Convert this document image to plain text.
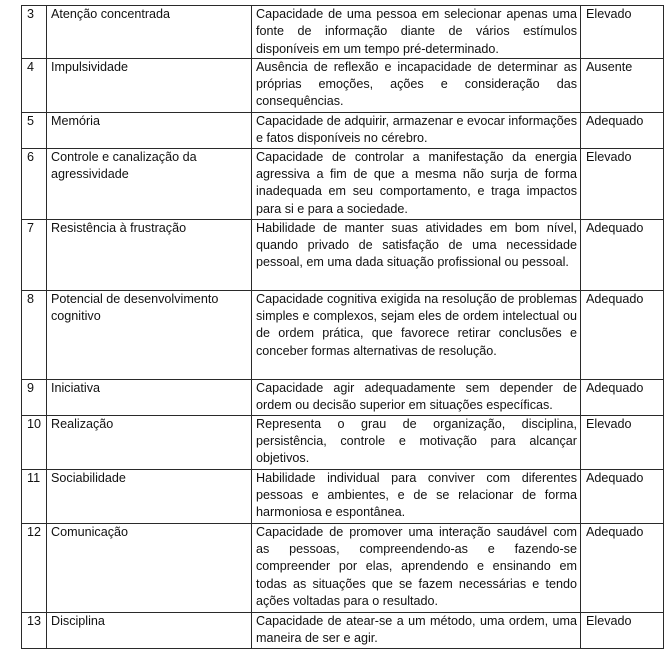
3	Atenção concentrada	Capacidade de uma pessoa em selecionar apenas uma fonte de informação diante de vários estímulos disponíveis em um tempo pré-determinado.	Elevado
4	Impulsividade	Ausência de reflexão e incapacidade de determinar as próprias emoções, ações e consideração das consequências.	Ausente
5	Memória	Capacidade de adquirir, armazenar e evocar informações e fatos disponíveis no cérebro.	Adequado
6	Controle e canalização da agressividade	Capacidade de controlar a manifestação da energia agressiva a fim de que a mesma não surja de forma inadequada em seu comportamento, e traga impactos para si e para a sociedade.	Elevado
7	Resistência à frustração	Habilidade de manter suas atividades em bom nível, quando privado de satisfação de uma necessidade pessoal, em uma dada situação profissional ou pessoal.	Adequado
8	Potencial de desenvolvimento cognitivo	Capacidade cognitiva exigida na resolução de problemas simples e complexos, sejam eles de ordem intelectual ou de ordem prática, que favorece retirar conclusões e conceber formas alternativas de resolução.	Adequado
9	Iniciativa	Capacidade agir adequadamente sem depender de ordem ou decisão superior em situações específicas.	Adequado
10	Realização	Representa o grau de organização, disciplina, persistência, controle e motivação para alcançar objetivos.	Elevado
11	Sociabilidade	Habilidade individual para conviver com diferentes pessoas e ambientes, e de se relacionar de forma harmoniosa e espontânea.	Adequado
12	Comunicação	Capacidade de promover uma interação saudável com as pessoas, compreendendo-as e fazendo-se compreender por elas, aprendendo e ensinando em todas as situações que se fazem necessárias e tendo ações voltadas para o resultado.	Adequado
13	Disciplina	Capacidade de atear-se a um método, uma ordem, uma maneira de ser e agir.	Elevado
